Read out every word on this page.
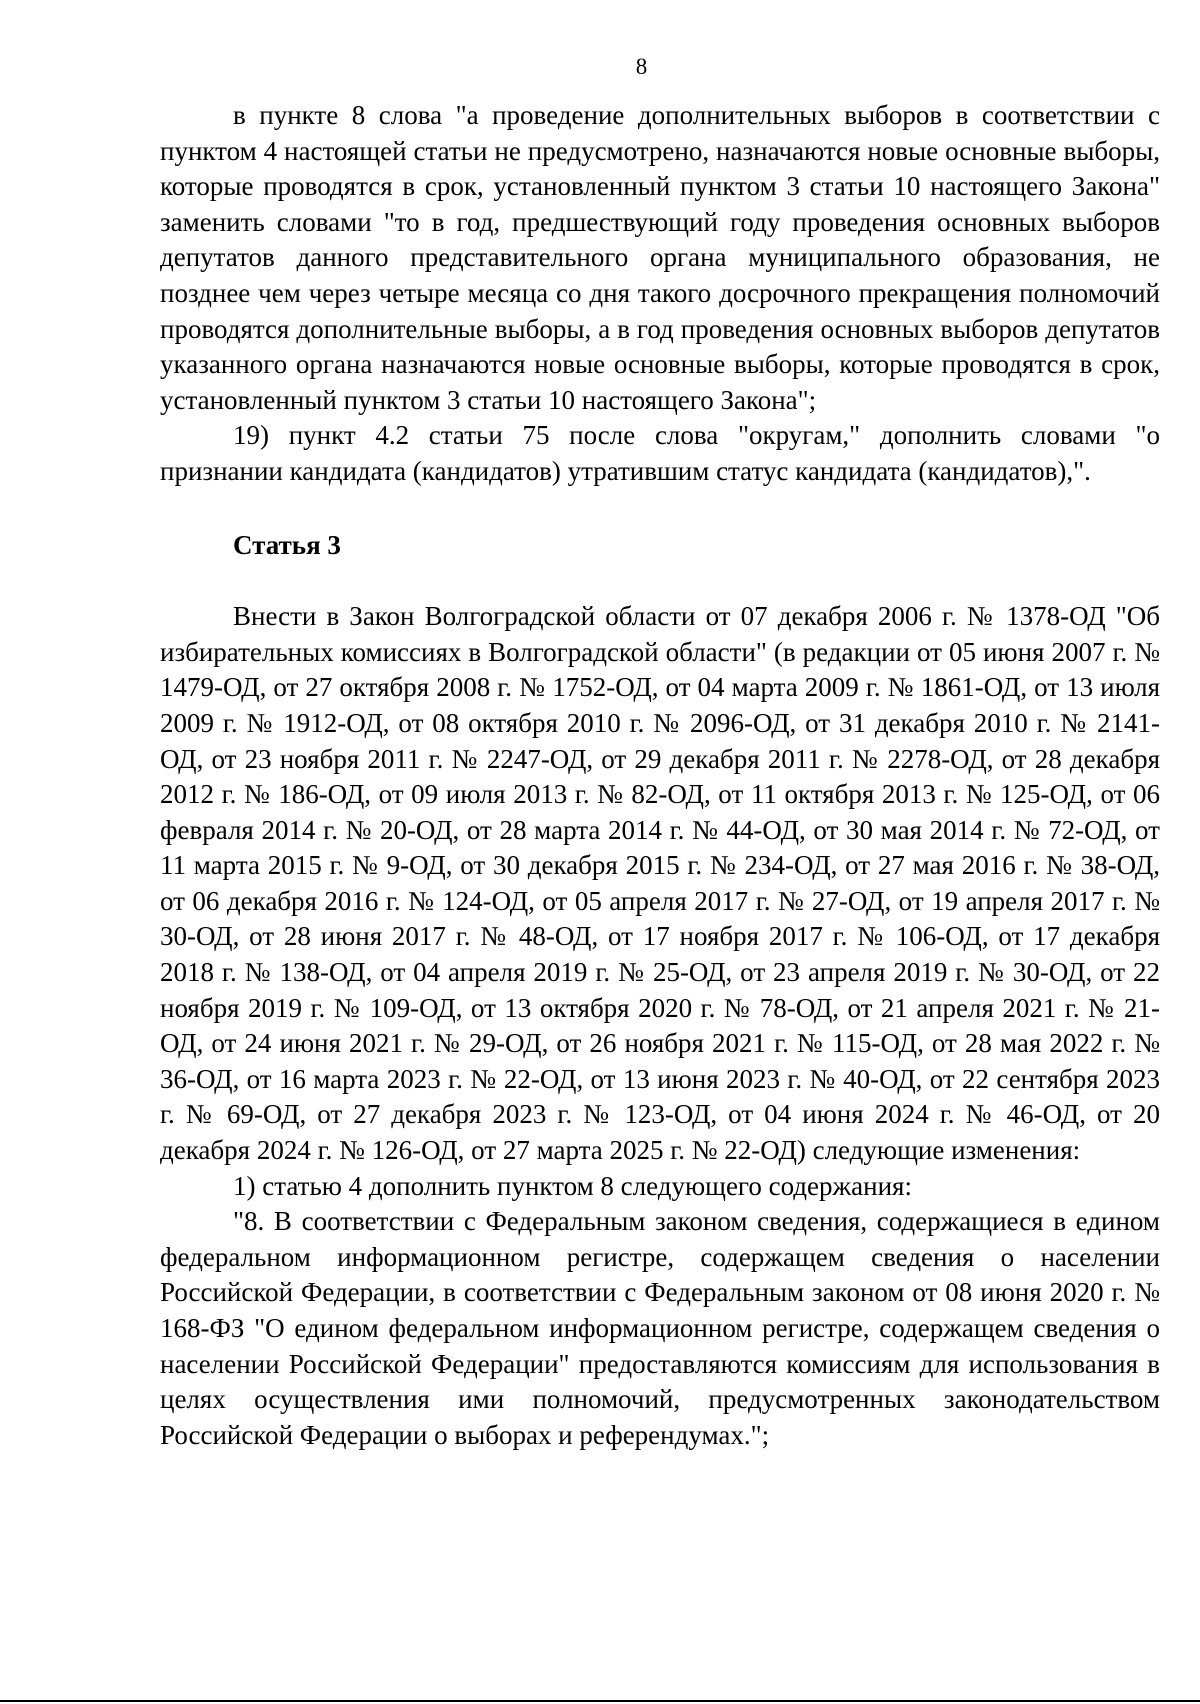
8

в пункте 8 слова "а проведение дополнительных выборов в соответствии с пунктом 4 настоящей статьи не предусмотрено, назначаются новые основные выборы, которые проводятся в срок, установленный пунктом 3 статьи 10 настоящего Закона" заменить словами "то в год, предшествующий году проведения основных выборов депутатов данного представительного органа муниципального образования, не позднее чем через четыре месяца со дня такого досрочного прекращения полномочий проводятся дополнительные выборы, а в год проведения основных выборов депутатов указанного органа назначаются новые основные выборы, которые проводятся в срок, установленный пунктом 3 статьи 10 настоящего Закона";

19) пункт 4.2 статьи 75 после слова "округам," дополнить словами "о признании кандидата (кандидатов) утратившим статус кандидата (кандидатов),".

Статья 3

Внести в Закон Волгоградской области от 07 декабря 2006 г. № 1378-ОД "Об избирательных комиссиях в Волгоградской области" (в редакции от 05 июня 2007 г. № 1479-ОД, от 27 октября 2008 г. № 1752-ОД, от 04 марта 2009 г. № 1861-ОД, от 13 июля 2009 г. № 1912-ОД, от 08 октября 2010 г. № 2096-ОД, от 31 декабря 2010 г. № 2141-ОД, от 23 ноября 2011 г. № 2247-ОД, от 29 декабря 2011 г. № 2278-ОД, от 28 декабря 2012 г. № 186-ОД, от 09 июля 2013 г. № 82-ОД, от 11 октября 2013 г. № 125-ОД, от 06 февраля 2014 г. № 20-ОД, от 28 марта 2014 г. № 44-ОД, от 30 мая 2014 г. № 72-ОД, от 11 марта 2015 г. № 9-ОД, от 30 декабря 2015 г. № 234-ОД, от 27 мая 2016 г. № 38-ОД, от 06 декабря 2016 г. № 124-ОД, от 05 апреля 2017 г. № 27-ОД, от 19 апреля 2017 г. № 30-ОД, от 28 июня 2017 г. № 48-ОД, от 17 ноября 2017 г. № 106-ОД, от 17 декабря 2018 г. № 138-ОД, от 04 апреля 2019 г. № 25-ОД, от 23 апреля 2019 г. № 30-ОД, от 22 ноября 2019 г. № 109-ОД, от 13 октября 2020 г. № 78-ОД, от 21 апреля 2021 г. № 21-ОД, от 24 июня 2021 г. № 29-ОД, от 26 ноября 2021 г. № 115-ОД, от 28 мая 2022 г. № 36-ОД, от 16 марта 2023 г. № 22-ОД, от 13 июня 2023 г. № 40-ОД, от 22 сентября 2023 г. № 69-ОД, от 27 декабря 2023 г. № 123-ОД, от 04 июня 2024 г. № 46-ОД, от 20 декабря 2024 г. № 126-ОД, от 27 марта 2025 г. № 22-ОД) следующие изменения:

1) статью 4 дополнить пунктом 8 следующего содержания:

"8. В соответствии с Федеральным законом сведения, содержащиеся в едином федеральном информационном регистре, содержащем сведения о населении Российской Федерации, в соответствии с Федеральным законом от 08 июня 2020 г. № 168-ФЗ "О едином федеральном информационном регистре, содержащем сведения о населении Российской Федерации" предоставляются комиссиям для использования в целях осуществления ими полномочий, предусмотренных законодательством Российской Федерации о выборах и референдумах.";
